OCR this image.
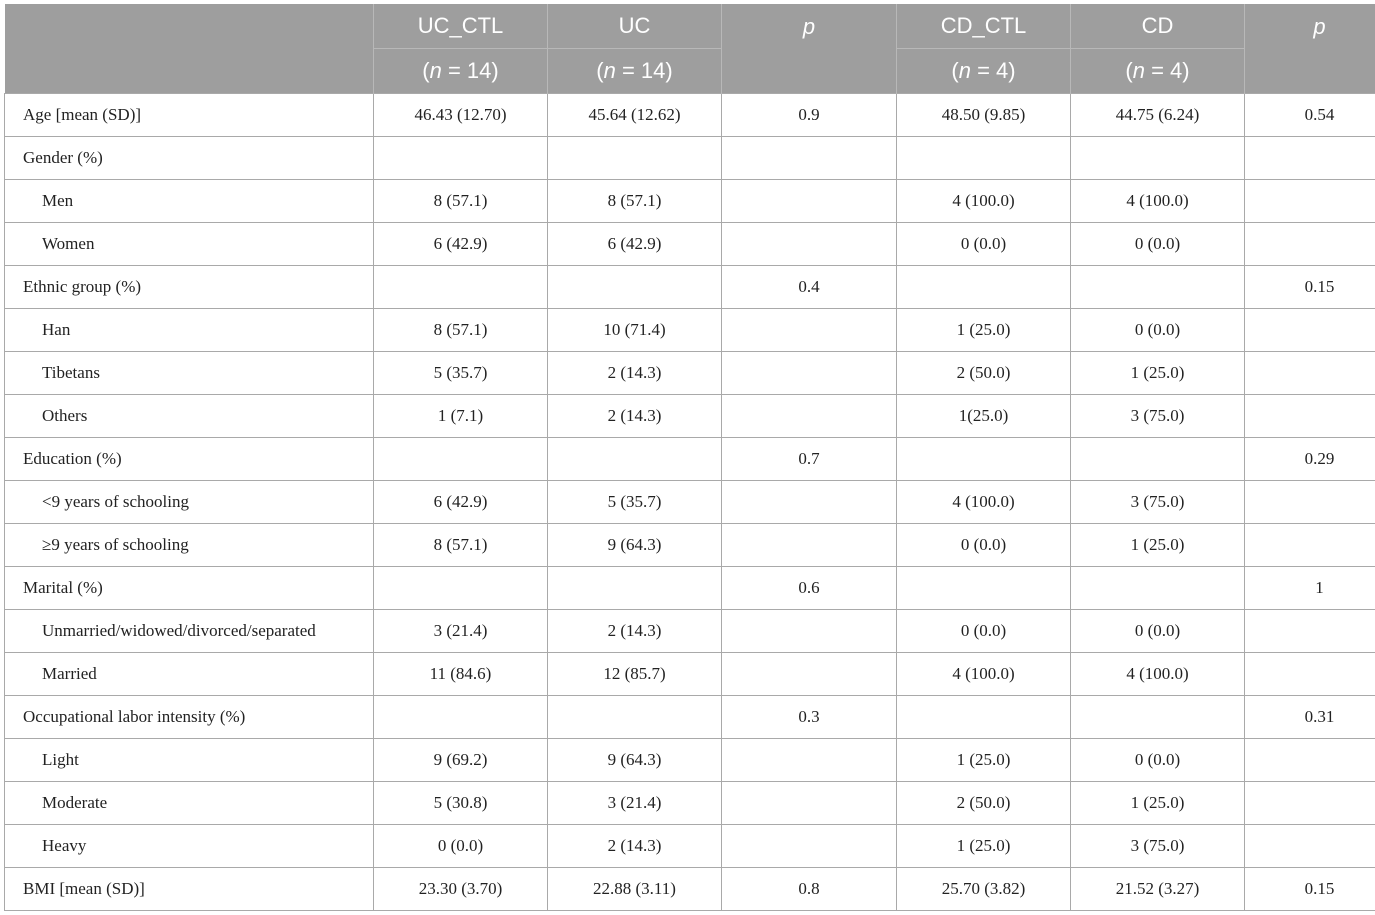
	UC_CTL	UC	p	CD_CTL	CD	p
	(n = 14)	(n = 14)		(n = 4)	(n = 4)	
Age [mean (SD)]	46.43 (12.70)	45.64 (12.62)	0.9	48.50 (9.85)	44.75 (6.24)	0.54
Gender (%)						
Men	8 (57.1)	8 (57.1)		4 (100.0)	4 (100.0)	
Women	6 (42.9)	6 (42.9)		0 (0.0)	0 (0.0)	
Ethnic group (%)			0.4			0.15
Han	8 (57.1)	10 (71.4)		1 (25.0)	0 (0.0)	
Tibetans	5 (35.7)	2 (14.3)		2 (50.0)	1 (25.0)	
Others	1 (7.1)	2 (14.3)		1(25.0)	3 (75.0)	
Education (%)			0.7			0.29
<9 years of schooling	6 (42.9)	5 (35.7)		4 (100.0)	3 (75.0)	
≥9 years of schooling	8 (57.1)	9 (64.3)		0 (0.0)	1 (25.0)	
Marital (%)			0.6			1
Unmarried/widowed/divorced/separated	3 (21.4)	2 (14.3)		0 (0.0)	0 (0.0)	
Married	11 (84.6)	12 (85.7)		4 (100.0)	4 (100.0)	
Occupational labor intensity (%)			0.3			0.31
Light	9 (69.2)	9 (64.3)		1 (25.0)	0 (0.0)	
Moderate	5 (30.8)	3 (21.4)		2 (50.0)	1 (25.0)	
Heavy	0 (0.0)	2 (14.3)		1 (25.0)	3 (75.0)	
BMI [mean (SD)]	23.30 (3.70)	22.88 (3.11)	0.8	25.70 (3.82)	21.52 (3.27)	0.15
